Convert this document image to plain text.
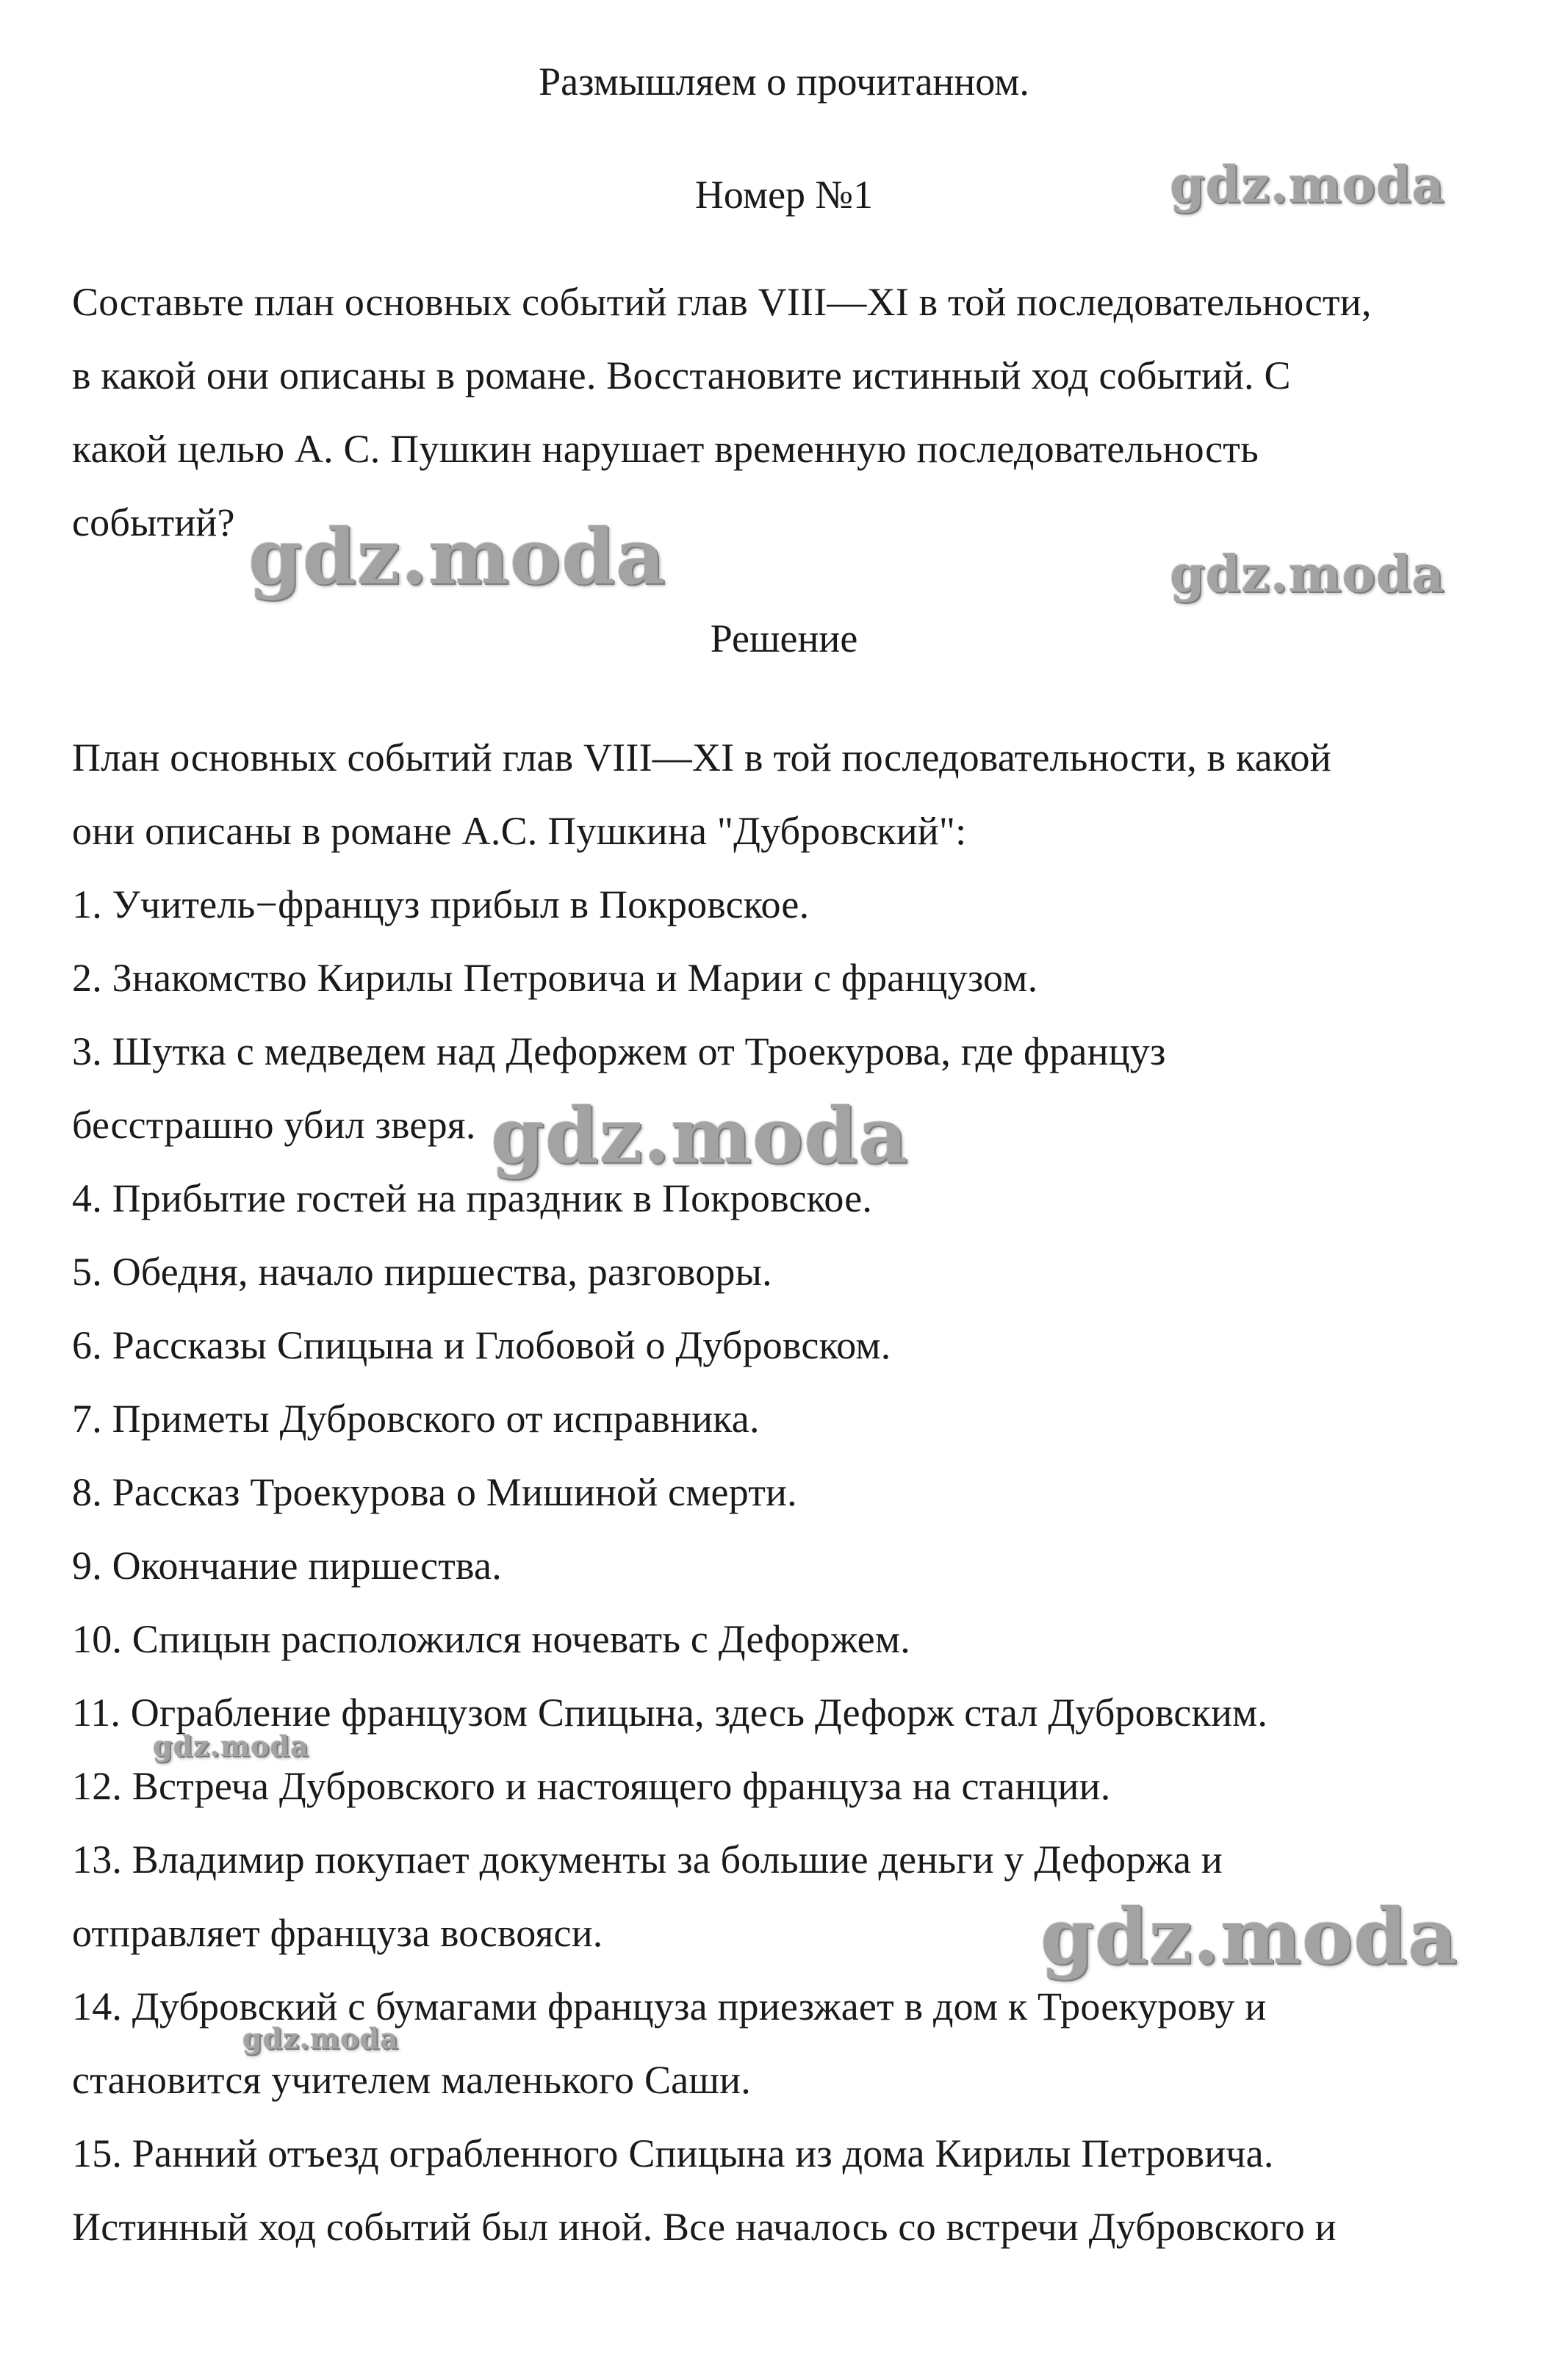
Размышляем о прочитанном.
Номер №1
Составьте план основных событий глав VIII—XI в той последовательности,
в какой они описаны в романе. Восстановите истинный ход событий. С
какой целью А. С. Пушкин нарушает временную последовательность
событий?
Решение
План основных событий глав VIII—XI в той последовательности, в какой
они описаны в романе А.С. Пушкина "Дубровский":
1. Учитель−француз прибыл в Покровское.
2. Знакомство Кирилы Петровича и Марии с французом.
3. Шутка с медведем над Дефоржем от Троекурова, где француз
бесстрашно убил зверя.
4. Прибытие гостей на праздник в Покровское.
5. Обедня, начало пиршества, разговоры.
6. Рассказы Спицына и Глобовой о Дубровском.
7. Приметы Дубровского от исправника.
8. Рассказ Троекурова о Мишиной смерти.
9. Окончание пиршества.
10. Спицын расположился ночевать с Дефоржем.
11. Ограбление французом Спицына, здесь Дефорж стал Дубровским.
12. Встреча Дубровского и настоящего француза на станции.
13. Владимир покупает документы за большие деньги у Дефоржа и
отправляет француза восвояси.
14. Дубровский с бумагами француза приезжает в дом к Троекурову и
становится учителем маленького Саши.
15. Ранний отъезд ограбленного Спицына из дома Кирилы Петровича.
Истинный ход событий был иной. Все началось со встречи Дубровского и
gdz.moda
gdz.moda	gdz.moda
gdz.moda
gdz.moda
gdz.moda
gdz.moda
